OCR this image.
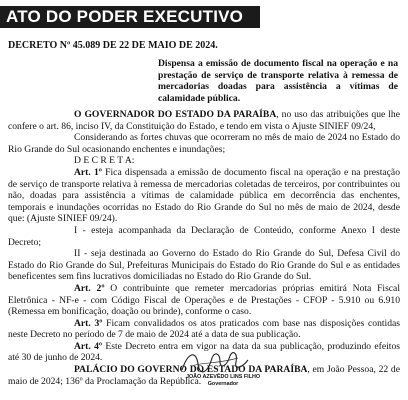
ATO DO PODER EXECUTIVO
DECRETO Nº 45.089 DE 22 DE MAIO DE 2024.
Dispensa a emissão de documento fiscal na operação e na prestação de serviço de transporte relativa à remessa de mercadorias doadas para assistência a vítimas de calamidade pública.

O GOVERNADOR DO ESTADO DA PARAÍBA, no uso das atribuições que lhe confere o art. 86, inciso IV, da Constituição do Estado, e tendo em vista o Ajuste SINIEF 09/24,

Considerando as fortes chuvas que ocorreram no mês de maio de 2024 no Estado do Rio Grande do Sul ocasionando enchentes e inundações;

D E C R E T A:

Art. 1º Fica dispensada a emissão de documento fiscal na operação e na prestação de serviço de transporte relativa à remessa de mercadorias coletadas de terceiros, por contribuintes ou não, doadas para assistência a vítimas de calamidade pública em decorrência das enchentes, temporais e inundações ocorridas no Estado do Rio Grande do Sul no mês de maio de 2024, desde que: (Ajuste SINIEF 09/24).

I - esteja acompanhada da Declaração de Conteúdo, conforme Anexo I deste Decreto;

II - seja destinada ao Governo do Estado do Rio Grande do Sul, Defesa Civil do Estado do Rio Grande do Sul, Prefeituras Municipais do Estado do Rio Grande do Sul e as entidades beneficentes sem fins lucrativos domiciliadas no Estado do Rio Grande do Sul.

Art. 2º O contribuinte que remeter mercadorias próprias emitirá Nota Fiscal Eletrônica - NF-e - com Código Fiscal de Operações e de Prestações - CFOP - 5.910 ou 6.910 (Remessa em bonificação, doação ou brinde), conforme o caso.

Art. 3º Ficam convalidados os atos praticados com base nas disposições contidas neste Decreto no período de 7 de maio de 2024 até a data de sua publicação.

Art. 4º Este Decreto entra em vigor na data da sua publicação, produzindo efeitos até 30 de junho de 2024.

PALÁCIO DO GOVERNO DO ESTADO DA PARAÍBA, em João Pessoa, 22 de maio de 2024; 136º da Proclamação da República.

JOÃO AZEVÊDO LINS FILHO
Governador
